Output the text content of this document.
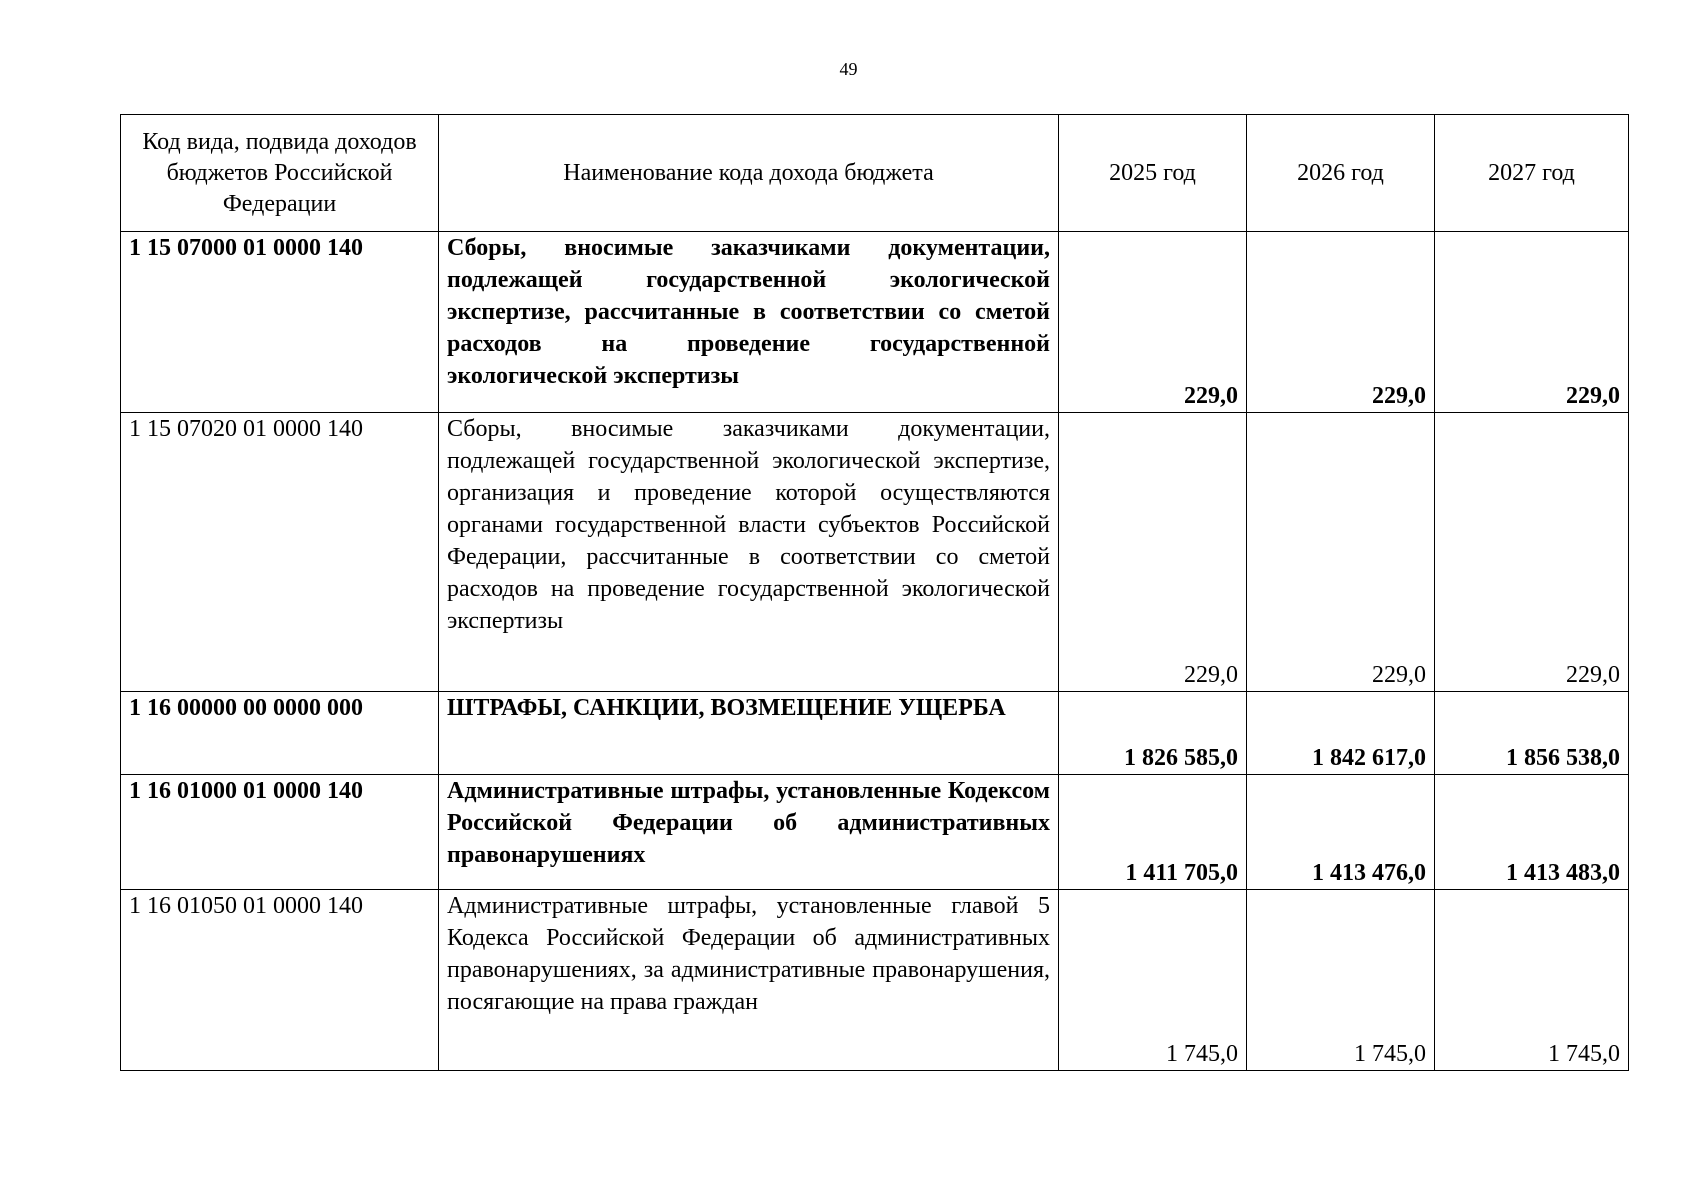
49
Код вида, подвида доходов бюджетов Российской Федерации	Наименование кода дохода бюджета	2025 год	2026 год	2027 год
1 15 07000 01 0000 140	Сборы, вносимые заказчиками документации, подлежащей государственной экологической экспертизе, рассчитанные в соответствии со сметой расходов на проведение государственной экологической экспертизы	229,0	229,0	229,0
1 15 07020 01 0000 140	Сборы, вносимые заказчиками документации, подлежащей государственной экологической экспертизе, организация и проведение которой осуществляются органами государственной власти субъектов Российской Федерации, рассчитанные в соответствии со сметой расходов на проведение государственной экологической экспертизы	229,0	229,0	229,0
1 16 00000 00 0000 000	ШТРАФЫ, САНКЦИИ, ВОЗМЕЩЕНИЕ УЩЕРБА	1 826 585,0	1 842 617,0	1 856 538,0
1 16 01000 01 0000 140	Административные штрафы, установленные Кодексом Российской Федерации об административных правонарушениях	1 411 705,0	1 413 476,0	1 413 483,0
1 16 01050 01 0000 140	Административные штрафы, установленные главой 5 Кодекса Российской Федерации об административных правонарушениях, за административные правонарушения, посягающие на права граждан	1 745,0	1 745,0	1 745,0
